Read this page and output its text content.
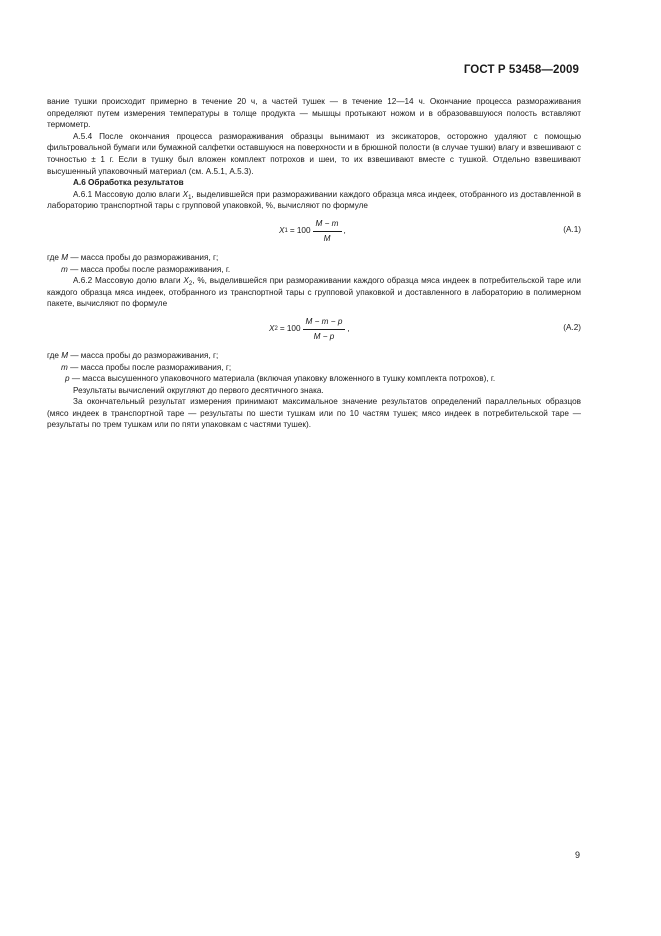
ГОСТ Р 53458—2009

вание тушки происходит примерно в течение 20 ч, а частей тушек — в течение 12—14 ч. Окончание процесса размораживания определяют путем измерения температуры в толще продукта — мышцы протыкают ножом и в образовавшуюся полость вставляют термометр.

А.5.4 После окончания процесса размораживания образцы вынимают из эксикаторов, осторожно удаляют с помощью фильтровальной бумаги или бумажной салфетки оставшуюся на поверхности и в брюшной полости (в случае тушки) влагу и взвешивают с точностью ± 1 г. Если в тушку был вложен комплект потрохов и шеи, то их взвешивают вместе с тушкой. Отдельно взвешивают высушенный упаковочный материал (см. А.5.1, А.5.3).

А.6 Обработка результатов

А.6.1 Массовую долю влаги $X_1$, выделившейся при размораживании каждого образца мяса индеек, отобранного из доставленной в лабораторию транспортной тары с групповой упаковкой, %, вычисляют по формуле

X $1 = 100 \frac{M - m}{M}$ ,	(А.1)

где M — масса пробы до размораживания, г;

m — масса пробы после размораживания, г.

А.6.2 Массовую долю влаги $X_2$, %, выделившейся при размораживании каждого образца мяса индеек в потребительской таре или каждого образца мяса индеек, отобранного из транспортной тары с групповой упаковкой и доставленного в лабораторию в полимерном пакете, вычисляют по формуле

X $2 = 100 \frac{M - m - p}{M - p}$ ,	(А.2)

где M — масса пробы до размораживания, г;

m — масса пробы после размораживания, г;

p — масса высушенного упаковочного материала (включая упаковку вложенного в тушку комплекта потрохов), г.

Результаты вычислений округляют до первого десятичного знака.

За окончательный результат измерения принимают максимальное значение результатов определений параллельных образцов (мясо индеек в транспортной таре — результаты по шести тушкам или по 10 частям тушек; мясо индеек в потребительской таре — результаты по трем тушкам или по пяти упаковкам с частями тушек).

9
